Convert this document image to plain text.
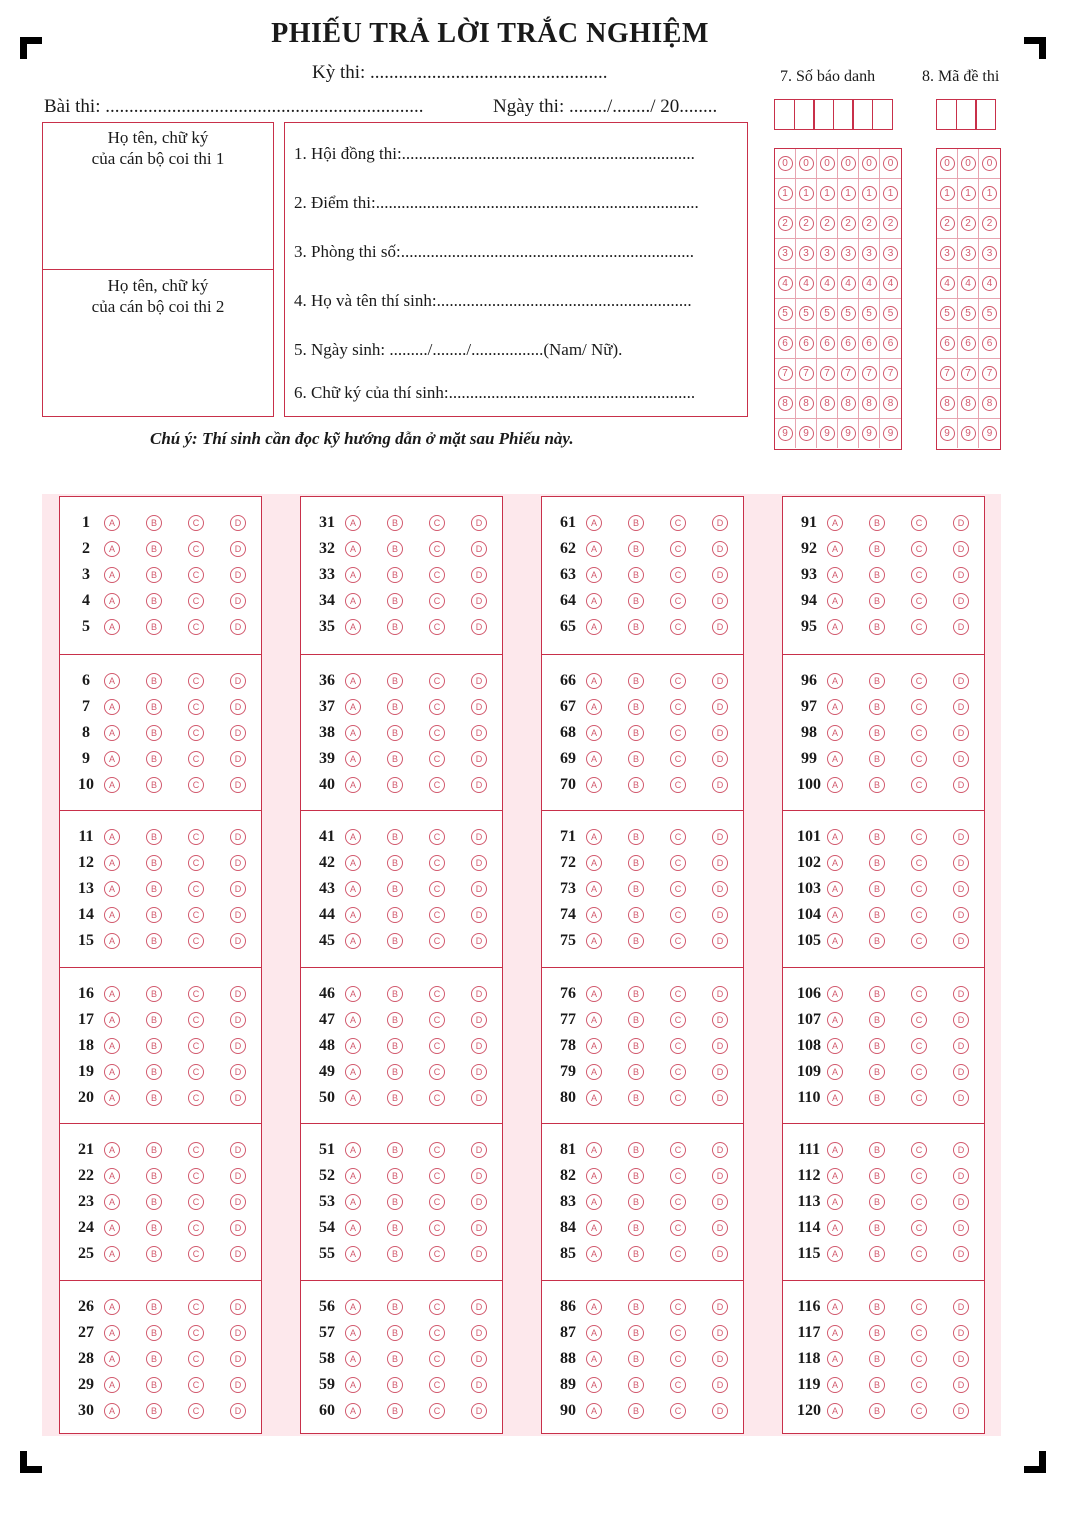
PHIẾU TRẢ LỜI TRẮC NGHIỆM
Kỳ thi: ..................................................
Bài thi: ...................................................................	Ngày thi: ......../......../ 20........
Họ tên, chữ ký
của cán bộ coi thi 1
Họ tên, chữ ký
của cán bộ coi thi 2
1. Hội đồng thi:.....................................................................
2. Điểm thi:............................................................................
3. Phòng thi số:.....................................................................
4. Họ và tên thí sinh:............................................................
5. Ngày sinh: ........./......../.................(Nam/ Nữ).
6. Chữ ký của thí sinh:..........................................................
Chú ý: Thí sinh cần đọc kỹ hướng dẫn ở mặt sau Phiếu này.
7. Số báo danh	8. Mã đề thi
0	0	0	0	0	0
1	1	1	1	1	1
2	2	2	2	2	2
3	3	3	3	3	3
4	4	4	4	4	4
5	5	5	5	5	5
6	6	6	6	6	6
7	7	7	7	7	7
8	8	8	8	8	8
9	9	9	9	9	9
0	0	0
1	1	1
2	2	2
3	3	3
4	4	4
5	5	5
6	6	6
7	7	7
8	8	8
9	9	9
1	A	B	C	D
2	A	B	C	D
3	A	B	C	D
4	A	B	C	D
5	A	B	C	D
6	A	B	C	D
7	A	B	C	D
8	A	B	C	D
9	A	B	C	D
10	A	B	C	D
11	A	B	C	D
12	A	B	C	D
13	A	B	C	D
14	A	B	C	D
15	A	B	C	D
16	A	B	C	D
17	A	B	C	D
18	A	B	C	D
19	A	B	C	D
20	A	B	C	D
21	A	B	C	D
22	A	B	C	D
23	A	B	C	D
24	A	B	C	D
25	A	B	C	D
26	A	B	C	D
27	A	B	C	D
28	A	B	C	D
29	A	B	C	D
30	A	B	C	D
31	A	B	C	D
32	A	B	C	D
33	A	B	C	D
34	A	B	C	D
35	A	B	C	D
36	A	B	C	D
37	A	B	C	D
38	A	B	C	D
39	A	B	C	D
40	A	B	C	D
41	A	B	C	D
42	A	B	C	D
43	A	B	C	D
44	A	B	C	D
45	A	B	C	D
46	A	B	C	D
47	A	B	C	D
48	A	B	C	D
49	A	B	C	D
50	A	B	C	D
51	A	B	C	D
52	A	B	C	D
53	A	B	C	D
54	A	B	C	D
55	A	B	C	D
56	A	B	C	D
57	A	B	C	D
58	A	B	C	D
59	A	B	C	D
60	A	B	C	D
61	A	B	C	D
62	A	B	C	D
63	A	B	C	D
64	A	B	C	D
65	A	B	C	D
66	A	B	C	D
67	A	B	C	D
68	A	B	C	D
69	A	B	C	D
70	A	B	C	D
71	A	B	C	D
72	A	B	C	D
73	A	B	C	D
74	A	B	C	D
75	A	B	C	D
76	A	B	C	D
77	A	B	C	D
78	A	B	C	D
79	A	B	C	D
80	A	B	C	D
81	A	B	C	D
82	A	B	C	D
83	A	B	C	D
84	A	B	C	D
85	A	B	C	D
86	A	B	C	D
87	A	B	C	D
88	A	B	C	D
89	A	B	C	D
90	A	B	C	D
91	A	B	C	D
92	A	B	C	D
93	A	B	C	D
94	A	B	C	D
95	A	B	C	D
96	A	B	C	D
97	A	B	C	D
98	A	B	C	D
99	A	B	C	D
100	A	B	C	D
101	A	B	C	D
102	A	B	C	D
103	A	B	C	D
104	A	B	C	D
105	A	B	C	D
106	A	B	C	D
107	A	B	C	D
108	A	B	C	D
109	A	B	C	D
110	A	B	C	D
111	A	B	C	D
112	A	B	C	D
113	A	B	C	D
114	A	B	C	D
115	A	B	C	D
116	A	B	C	D
117	A	B	C	D
118	A	B	C	D
119	A	B	C	D
120	A	B	C	D
